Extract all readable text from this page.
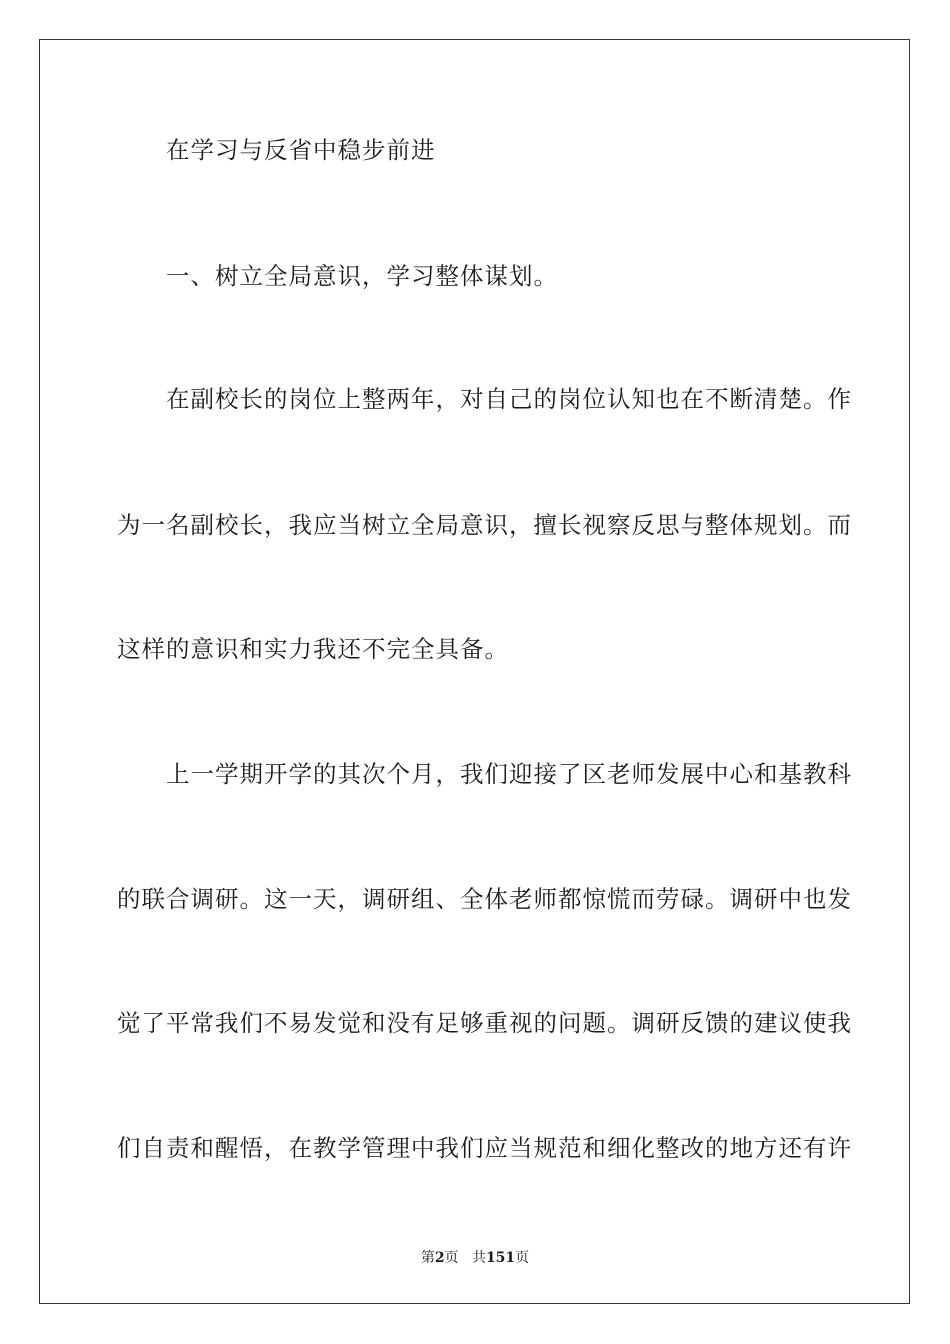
在学习与反省中稳步前进
一、树立全局意识，学习整体谋划。
在副校长的岗位上整两年，对自己的岗位认知也在不断清楚。作
为一名副校长，我应当树立全局意识，擅长视察反思与整体规划。而
这样的意识和实力我还不完全具备。
上一学期开学的其次个月，我们迎接了区老师发展中心和基教科
的联合调研。这一天，调研组、全体老师都惊慌而劳碌。调研中也发
觉了平常我们不易发觉和没有足够重视的问题。调研反馈的建议使我
们自责和醒悟，在教学管理中我们应当规范和细化整改的地方还有许
第2页 共151页
